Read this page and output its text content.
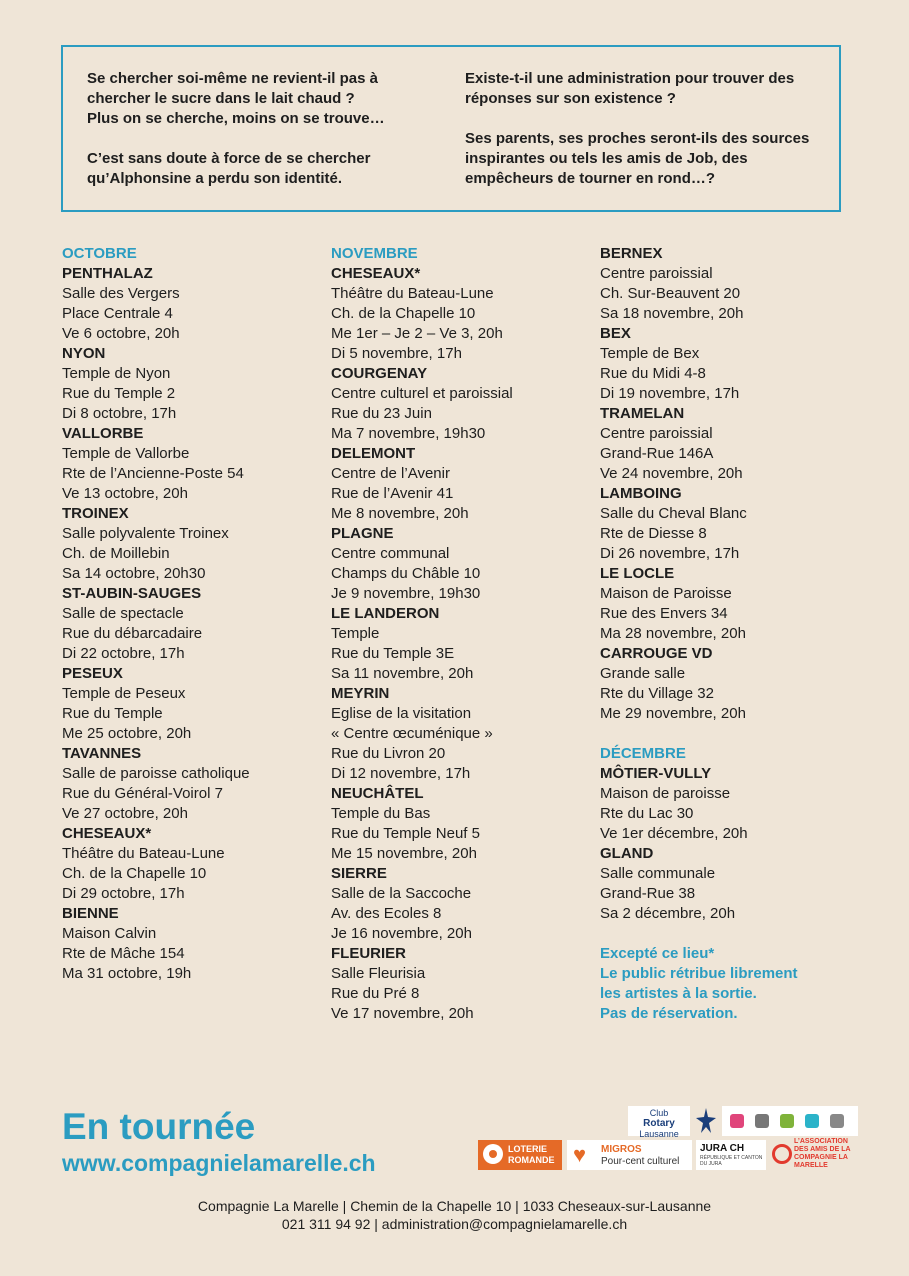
Se chercher soi-même ne revient-il pas à chercher le sucre dans le lait chaud ?
Plus on se cherche, moins on se trouve…

C’est sans doute à force de se chercher qu’Alphonsine a perdu son identité.

Existe-t-il une administration pour trouver des réponses sur son existence ?

Ses parents, ses proches seront-ils des sources inspirantes ou tels les amis de Job, des empêcheurs de tourner en rond…?

OCTOBRE
PENTHALAZ
Salle des Vergers
Place Centrale 4
Ve 6 octobre, 20h
NYON
Temple de Nyon
Rue du Temple 2
Di 8 octobre, 17h
VALLORBE
Temple de Vallorbe
Rte de l’Ancienne-Poste 54
Ve 13 octobre, 20h
TROINEX
Salle polyvalente Troinex
Ch. de Moillebin
Sa 14 octobre, 20h30
ST-AUBIN-SAUGES
Salle de spectacle
Rue du débarcadaire
Di 22 octobre, 17h
PESEUX
Temple de Peseux
Rue du Temple
Me 25 octobre, 20h
TAVANNES
Salle de paroisse catholique
Rue du Général-Voirol 7
Ve 27 octobre, 20h
CHESEAUX*
Théâtre du Bateau-Lune
Ch. de la Chapelle 10
Di 29 octobre, 17h
BIENNE
Maison Calvin
Rte de Mâche 154
Ma 31 octobre, 19h
NOVEMBRE
CHESEAUX*
Théâtre du Bateau-Lune
Ch. de la Chapelle 10
Me 1er – Je 2 – Ve 3, 20h
Di 5 novembre, 17h
COURGENAY
Centre culturel et paroissial
Rue du 23 Juin
Ma 7 novembre, 19h30
DELEMONT
Centre de l’Avenir
Rue de l’Avenir 41
Me 8 novembre, 20h
PLAGNE
Centre communal
Champs du Châble 10
Je 9 novembre, 19h30
LE LANDERON
Temple
Rue du Temple 3E
Sa 11 novembre, 20h
MEYRIN
Eglise de la visitation
« Centre œcuménique »
Rue du Livron 20
Di 12 novembre, 17h
NEUCHÂTEL
Temple du Bas
Rue du Temple Neuf 5
Me 15 novembre, 20h
SIERRE
Salle de la Saccoche
Av. des Ecoles 8
Je 16 novembre, 20h
FLEURIER
Salle Fleurisia
Rue du Pré 8
Ve 17 novembre, 20h
BERNEX
Centre paroissial
Ch. Sur-Beauvent 20
Sa 18 novembre, 20h
BEX
Temple de Bex
Rue du Midi 4-8
Di 19 novembre, 17h
TRAMELAN
Centre paroissial
Grand-Rue 146A
Ve 24 novembre, 20h
LAMBOING
Salle du Cheval Blanc
Rte de Diesse 8
Di 26 novembre, 17h
LE LOCLE
Maison de Paroisse
Rue des Envers 34
Ma 28 novembre, 20h
CARROUGE VD
Grande salle
Rte du Village 32
Me 29 novembre, 20h
DÉCEMBRE
MÔTIER-VULLY
Maison de paroisse
Rte du Lac 30
Ve 1er décembre, 20h
GLAND
Salle communale
Grand-Rue 38
Sa 2 décembre, 20h
Excepté ce lieu*
Le public rétribue librement
les artistes à la sortie.
Pas de réservation.
En tournée
www.compagnielamarelle.ch
Club
Rotary
Lausanne
LOTERIE
ROMANDE ♥ MIGROS
Pour-cent culturel
JURA CH
RÉPUBLIQUE ET CANTON DU JURA
L’ASSOCIATION DES AMIS DE LA COMPAGNIE LA MARELLE
Compagnie La Marelle | Chemin de la Chapelle 10 | 1033 Cheseaux-sur-Lausanne
021 311 94 92 | administration@compagnielamarelle.ch
